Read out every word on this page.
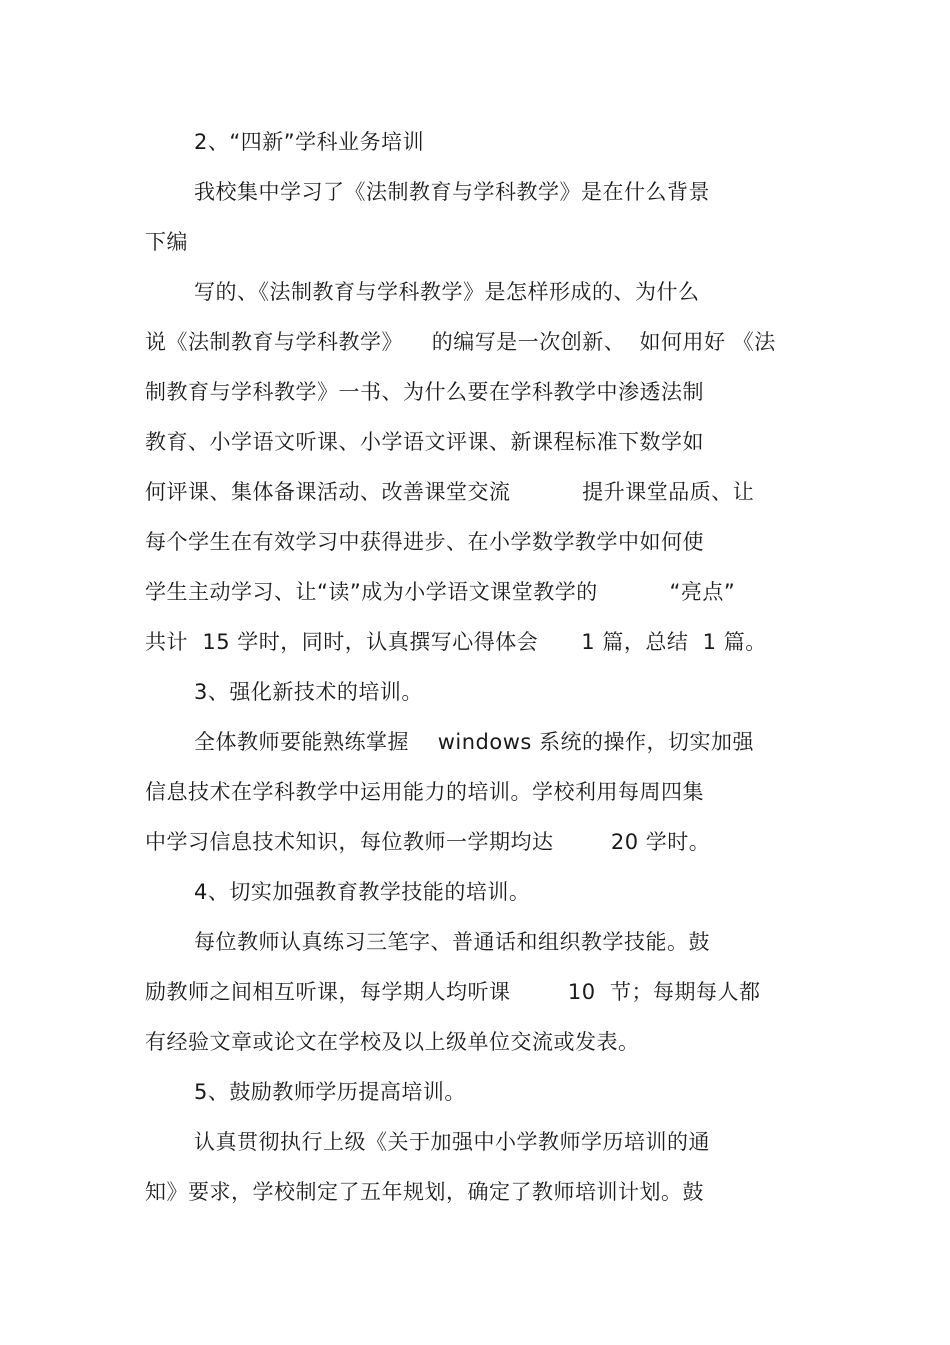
2、“四新”学科业务培训
我校集中学习了《法制教育与学科教学》是在什么背景
下编
写的、《法制教育与学科教学》是怎样形成的、为什么
说《法制教育与学科教学》    的编写是一次创新、  如何用好 《法
制教育与学科教学》一书、为什么要在学科教学中渗透法制
教育、小学语文听课、小学语文评课、新课程标准下数学如
何评课、集体备课活动、改善课堂交流          提升课堂品质、让
每个学生在有效学习中获得进步、在小学数学教学中如何使
学生主动学习、让“读”成为小学语文课堂教学的          “亮点”
共计  15 学时，同时，认真撰写心得体会      1 篇，总结  1 篇。
3、强化新技术的培训。
全体教师要能熟练掌握    windows 系统的操作，切实加强
信息技术在学科教学中运用能力的培训。学校利用每周四集
中学习信息技术知识，每位教师一学期均达        20 学时。
4、切实加强教育教学技能的培训。
每位教师认真练习三笔字、普通话和组织教学技能。鼓
励教师之间相互听课，每学期人均听课        10  节；每期每人都
有经验文章或论文在学校及以上级单位交流或发表。
5、鼓励教师学历提高培训。
认真贯彻执行上级《关于加强中小学教师学历培训的通
知》要求，学校制定了五年规划，确定了教师培训计划。鼓
